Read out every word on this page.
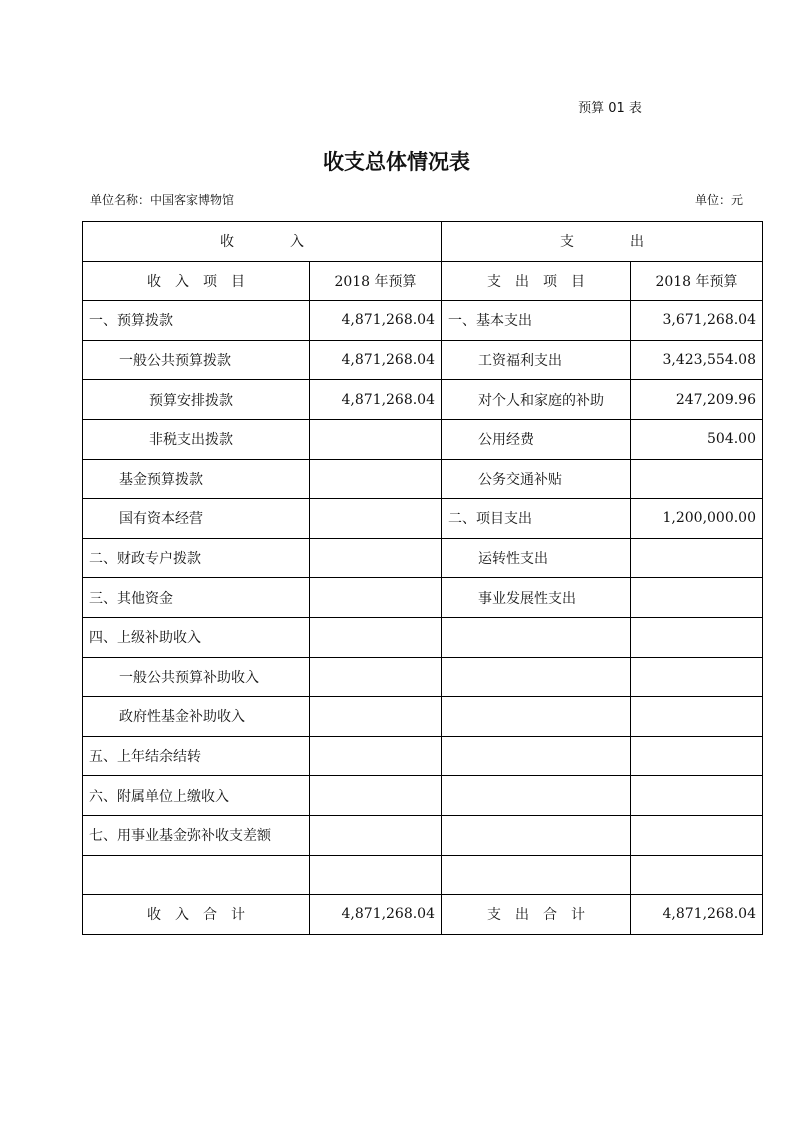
预算 01 表
收支总体情况表
单位名称：中国客家博物馆	单位：元
收　　　　入		支　　　　出	
收　入　项　目	2018 年预算	支　出　项　目	2018 年预算
一、预算拨款	4,871,268.04	一、基本支出	3,671,268.04
一般公共预算拨款	4,871,268.04	工资福利支出	3,423,554.08
预算安排拨款	4,871,268.04	对个人和家庭的补助	247,209.96
非税支出拨款		公用经费	504.00
基金预算拨款		公务交通补贴	
国有资本经营		二、项目支出	1,200,000.00
二、财政专户拨款		运转性支出	
三、其他资金		事业发展性支出	
四、上级补助收入			
一般公共预算补助收入			
政府性基金补助收入			
五、上年结余结转			
六、附属单位上缴收入			
七、用事业基金弥补收支差额			

收　入　合　计	4,871,268.04	支　出　合　计	4,871,268.04
